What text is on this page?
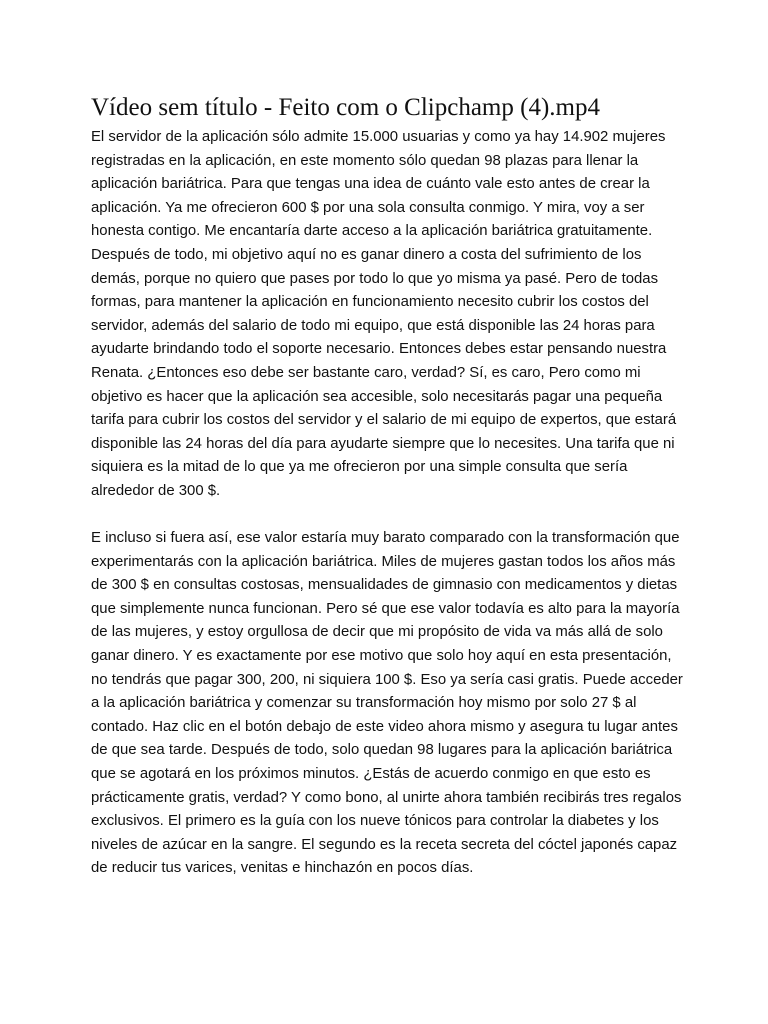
Vídeo sem título - Feito com o Clipchamp (4).mp4

El servidor de la aplicación sólo admite 15.000 usuarias y como ya hay 14.902 mujeres registradas en la aplicación, en este momento sólo quedan 98 plazas para llenar la aplicación bariátrica. Para que tengas una idea de cuánto vale esto antes de crear la aplicación. Ya me ofrecieron 600 $ por una sola consulta conmigo. Y mira, voy a ser honesta contigo. Me encantaría darte acceso a la aplicación bariátrica gratuitamente. Después de todo, mi objetivo aquí no es ganar dinero a costa del sufrimiento de los demás, porque no quiero que pases por todo lo que yo misma ya pasé. Pero de todas formas, para mantener la aplicación en funcionamiento necesito cubrir los costos del servidor, además del salario de todo mi equipo, que está disponible las 24 horas para ayudarte brindando todo el soporte necesario. Entonces debes estar pensando nuestra Renata. ¿Entonces eso debe ser bastante caro, verdad? Sí, es caro, Pero como mi objetivo es hacer que la aplicación sea accesible, solo necesitarás pagar una pequeña tarifa para cubrir los costos del servidor y el salario de mi equipo de expertos, que estará disponible las 24 horas del día para ayudarte siempre que lo necesites. Una tarifa que ni siquiera es la mitad de lo que ya me ofrecieron por una simple consulta que sería alrededor de 300 $.

E incluso si fuera así, ese valor estaría muy barato comparado con la transformación que experimentarás con la aplicación bariátrica. Miles de mujeres gastan todos los años más de 300 $ en consultas costosas, mensualidades de gimnasio con medicamentos y dietas que simplemente nunca funcionan. Pero sé que ese valor todavía es alto para la mayoría de las mujeres, y estoy orgullosa de decir que mi propósito de vida va más allá de solo ganar dinero. Y es exactamente por ese motivo que solo hoy aquí en esta presentación, no tendrás que pagar 300, 200, ni siquiera 100 $. Eso ya sería casi gratis. Puede acceder a la aplicación bariátrica y comenzar su transformación hoy mismo por solo 27 $ al contado. Haz clic en el botón debajo de este video ahora mismo y asegura tu lugar antes de que sea tarde. Después de todo, solo quedan 98 lugares para la aplicación bariátrica que se agotará en los próximos minutos. ¿Estás de acuerdo conmigo en que esto es prácticamente gratis, verdad? Y como bono, al unirte ahora también recibirás tres regalos exclusivos. El primero es la guía con los nueve tónicos para controlar la diabetes y los niveles de azúcar en la sangre. El segundo es la receta secreta del cóctel japonés capaz de reducir tus varices, venitas e hinchazón en pocos días.
